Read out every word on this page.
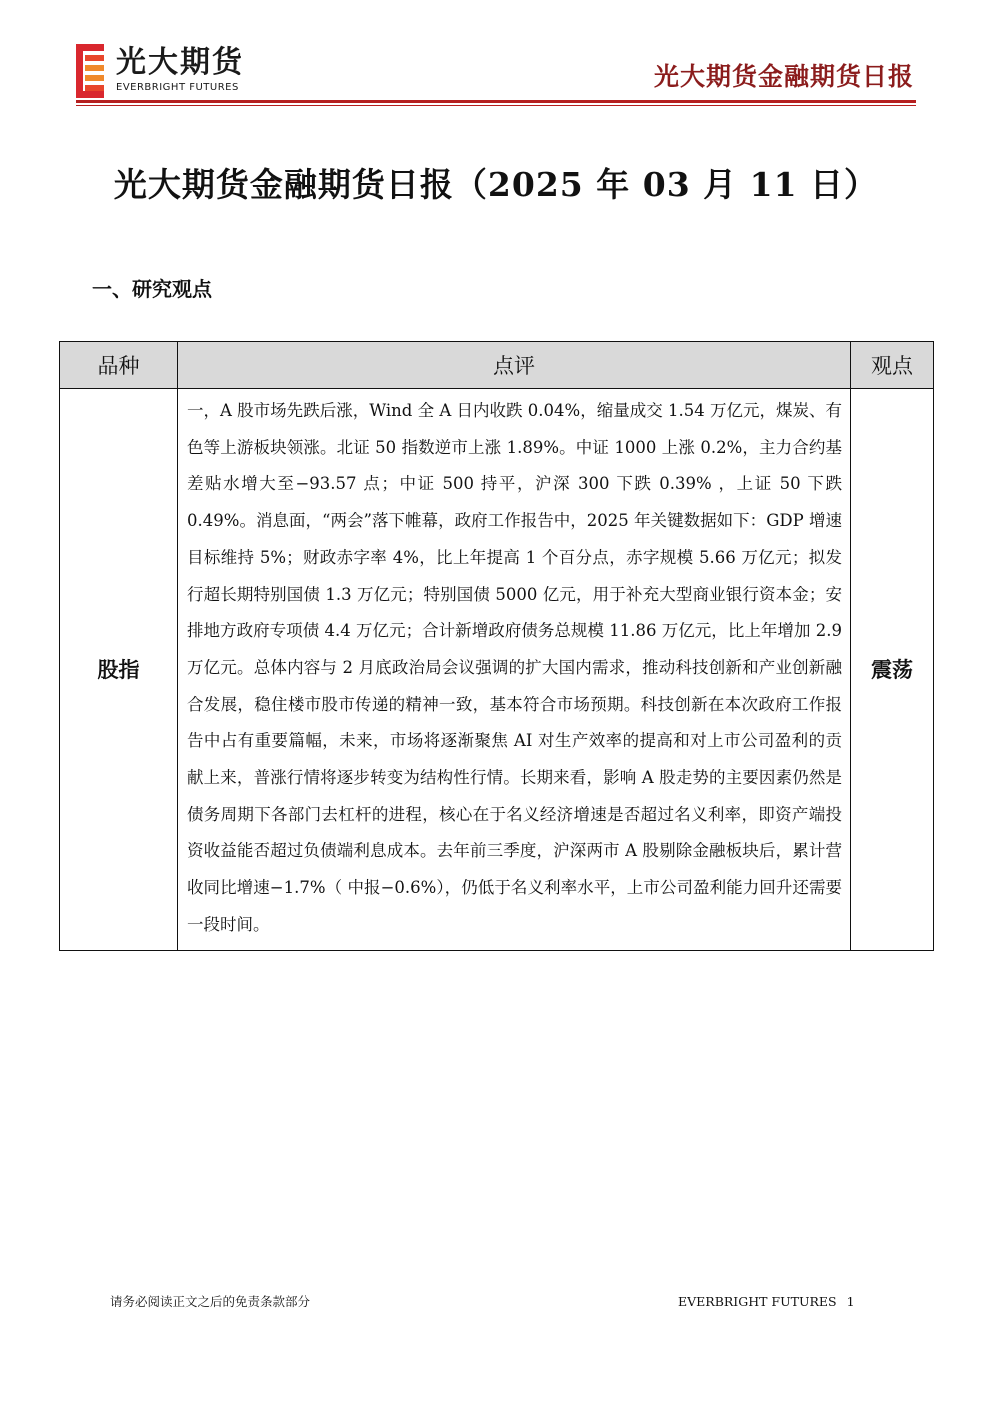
光大期货
EVERBRIGHT FUTURES	光大期货金融期货日报
光大期货金融期货日报（2025 年 03 月 11 日）
一、研究观点
品种	点评	观点
股指	一，A 股市场先跌后涨，Wind 全 A 日内收跌 0.04%，缩量成交 1.54 万亿元，煤炭、有色等上游板块领涨。北证 50 指数逆市上涨 1.89%。中证 1000 上涨 0.2%，主力合约基差贴水增大至−93.57 点；中证 500 持平，沪深 300 下跌 0.39% ，上证 50 下跌 0.49%。消息面，“两会”落下帷幕，政府工作报告中，2025 年关键数据如下：GDP 增速目标维持 5%；财政赤字率 4%，比上年提高 1 个百分点，赤字规模 5.66 万亿元；拟发行超长期特别国债 1.3 万亿元；特别国债 5000 亿元，用于补充大型商业银行资本金；安排地方政府专项债 4.4 万亿元；合计新增政府债务总规模 11.86 万亿元，比上年增加 2.9 万亿元。总体内容与 2 月底政治局会议强调的扩大国内需求，推动科技创新和产业创新融合发展，稳住楼市股市传递的精神一致，基本符合市场预期。科技创新在本次政府工作报告中占有重要篇幅，未来，市场将逐渐聚焦 AI 对生产效率的提高和对上市公司盈利的贡献上来，普涨行情将逐步转变为结构性行情。长期来看，影响 A 股走势的主要因素仍然是债务周期下各部门去杠杆的进程，核心在于名义经济增速是否超过名义利率，即资产端投资收益能否超过负债端利息成本。去年前三季度，沪深两市 A 股剔除金融板块后，累计营收同比增速−1.7%（ 中报−0.6%），仍低于名义利率水平，上市公司盈利能力回升还需要一段时间。	震荡
请务必阅读正文之后的免责条款部分	EVERBRIGHT FUTURES 1
